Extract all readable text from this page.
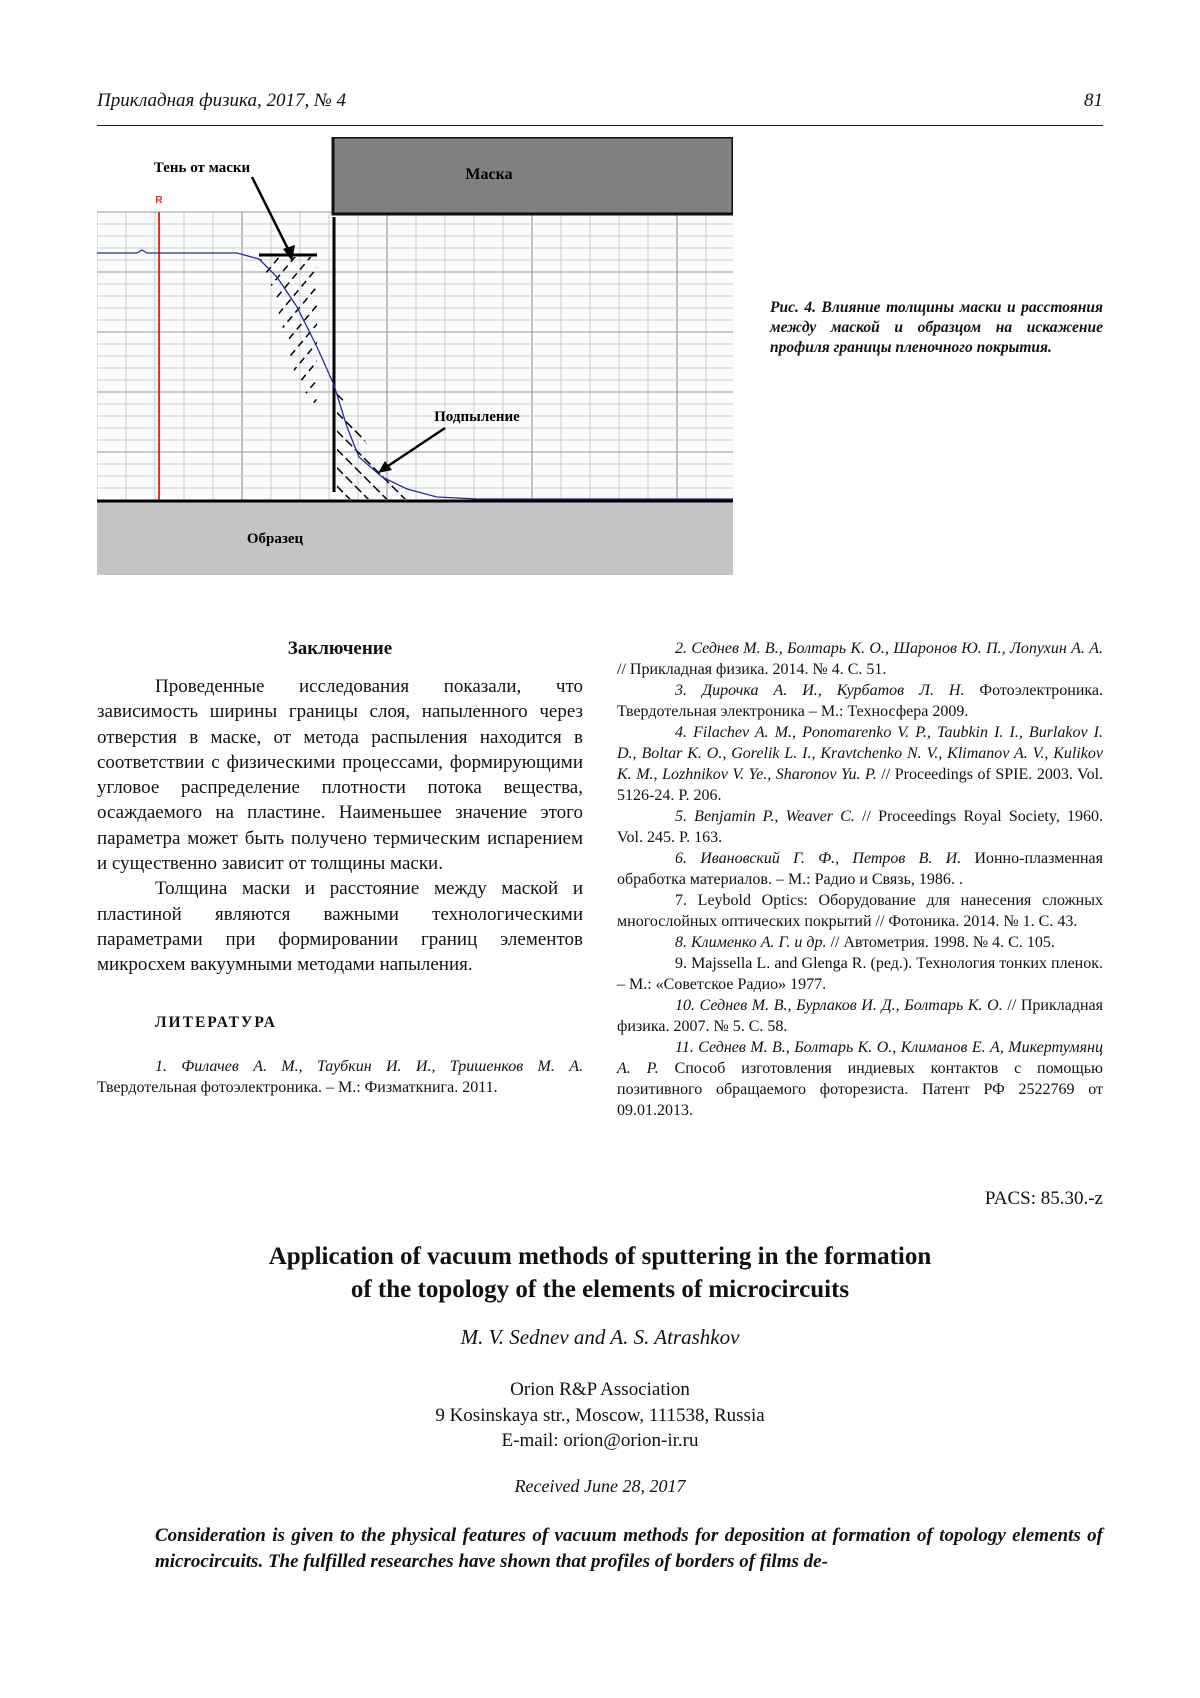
Прикладная физика, 2017, № 4	81
Маска
Тень от маски
R
Подпыление
Образец
Рис. 4. Влияние толщины маски и расстояния между маской и образцом на искажение профиля границы пленочного покрытия.
Заключение

Проведенные исследования показали, что зависимость ширины границы слоя, напыленного через отверстия в маске, от метода распыления находится в соответствии с физическими процессами, формирующими угловое распределение плотности потока вещества, осаждаемого на пластине. Наименьшее значение этого параметра может быть получено термическим испарением и существенно зависит от толщины маски.

Толщина маски и расстояние между маской и пластиной являются важными технологическими параметрами при формировании границ элементов микросхем вакуумными методами напыления.

ЛИТЕРАТУРА
1. Филачев А. М., Таубкин И. И., Тришенков М. А. Твердотельная фотоэлектроника. – М.: Физматкнига. 2011.
2. Седнев М. В., Болтарь К. О., Шаронов Ю. П., Лопухин А. А. // Прикладная физика. 2014. № 4. С. 51.
3. Дирочка А. И., Курбатов Л. Н. Фотоэлектроника. Твердотельная электроника – М.: Техносфера 2009.
4. Filachev A. M., Ponomarenko V. P., Taubkin I. I., Burlakov I. D., Boltar K. O., Gorelik L. I., Kravtchenko N. V., Klimanov A. V., Kulikov K. M., Lozhnikov V. Ye., Sharonov Yu. P. // Proceedings of SPIE. 2003. Vol. 5126-24. P. 206.
5. Benjamin P., Weaver C. // Proceedings Royal Society, 1960. Vol. 245. P. 163.
6. Ивановский Г. Ф., Петров В. И. Ионно-плазменная обработка материалов. – М.: Радио и Связь, 1986. .
7. Leybold Optics: Оборудование для нанесения сложных многослойных оптических покрытий // Фотоника. 2014. № 1. С. 43.
8. Клименко А. Г. и др. // Автометрия. 1998. № 4. С. 105.
9. Majssella L. and Glenga R. (ред.). Технология тонких пленок. – М.: «Советское Радио» 1977.
10. Седнев М. В., Бурлаков И. Д., Болтарь К. О. // Прикладная физика. 2007. № 5. С. 58.
11. Седнев М. В., Болтарь К. О., Климанов Е. А, Микертумянц А. Р. Способ изготовления индиевых контактов с помощью позитивного обращаемого фоторезиста. Патент РФ 2522769 от 09.01.2013.
PACS: 85.30.-z
Application of vacuum methods of sputtering in the formation
of the topology of the elements of microcircuits
M. V. Sednev and A. S. Atrashkov
Orion R&P Association
9 Kosinskaya str., Moscow, 111538, Russia
E-mail: orion@orion-ir.ru
Received June 28, 2017
Consideration is given to the physical features of vacuum methods for deposition at formation of topology elements of microcircuits. The fulfilled researches have shown that profiles of borders of films de-
